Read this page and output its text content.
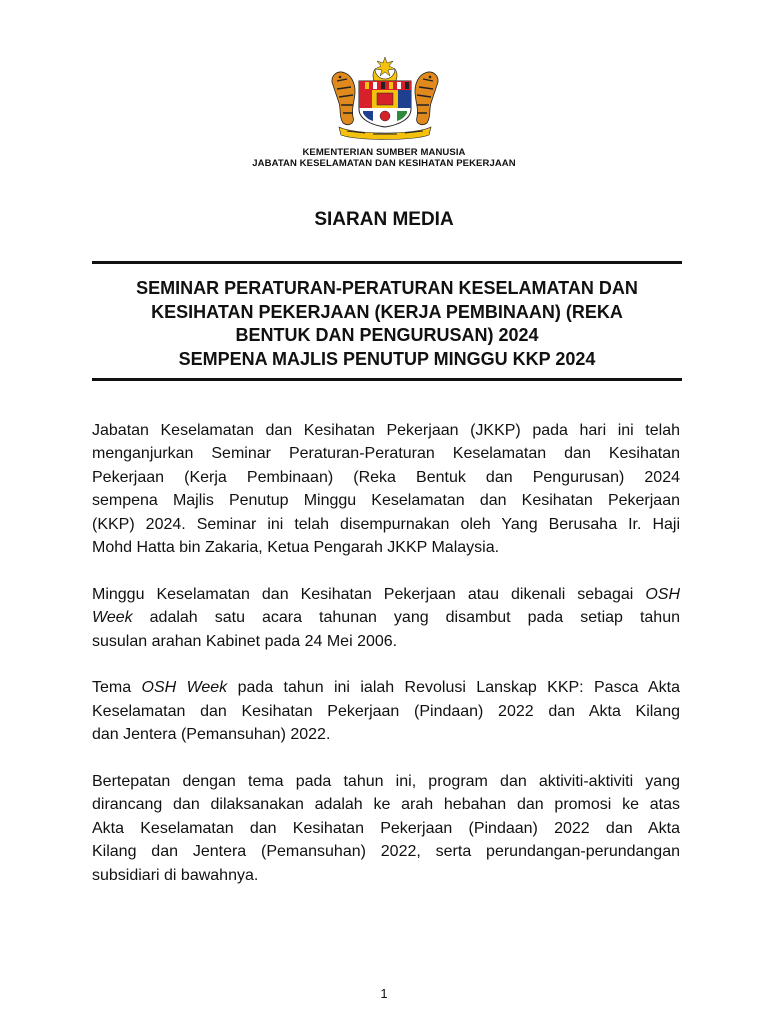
KEMENTERIAN SUMBER MANUSIA
JABATAN KESELAMATAN DAN KESIHATAN PEKERJAAN
SIARAN MEDIA
SEMINAR PERATURAN-PERATURAN KESELAMATAN DAN
KESIHATAN PEKERJAAN (KERJA PEMBINAAN) (REKA
BENTUK DAN PENGURUSAN) 2024
SEMPENA MAJLIS PENUTUP MINGGU KKP 2024
Jabatan Keselamatan dan Kesihatan Pekerjaan (JKKP) pada hari ini telah
menganjurkan Seminar Peraturan-Peraturan Keselamatan dan Kesihatan
Pekerjaan (Kerja Pembinaan) (Reka Bentuk dan Pengurusan) 2024
sempena Majlis Penutup Minggu Keselamatan dan Kesihatan Pekerjaan
(KKP) 2024. Seminar ini telah disempurnakan oleh Yang Berusaha Ir. Haji
Mohd Hatta bin Zakaria, Ketua Pengarah JKKP Malaysia.
Minggu Keselamatan dan Kesihatan Pekerjaan atau dikenali sebagai OSH
Week adalah satu acara tahunan yang disambut pada setiap tahun
susulan arahan Kabinet pada 24 Mei 2006.
Tema OSH Week pada tahun ini ialah Revolusi Lanskap KKP: Pasca Akta
Keselamatan dan Kesihatan Pekerjaan (Pindaan) 2022 dan Akta Kilang
dan Jentera (Pemansuhan) 2022.
Bertepatan dengan tema pada tahun ini, program dan aktiviti-aktiviti yang
dirancang dan dilaksanakan adalah ke arah hebahan dan promosi ke atas
Akta Keselamatan dan Kesihatan Pekerjaan (Pindaan) 2022 dan Akta
Kilang dan Jentera (Pemansuhan) 2022, serta perundangan-perundangan
subsidiari di bawahnya.
1
